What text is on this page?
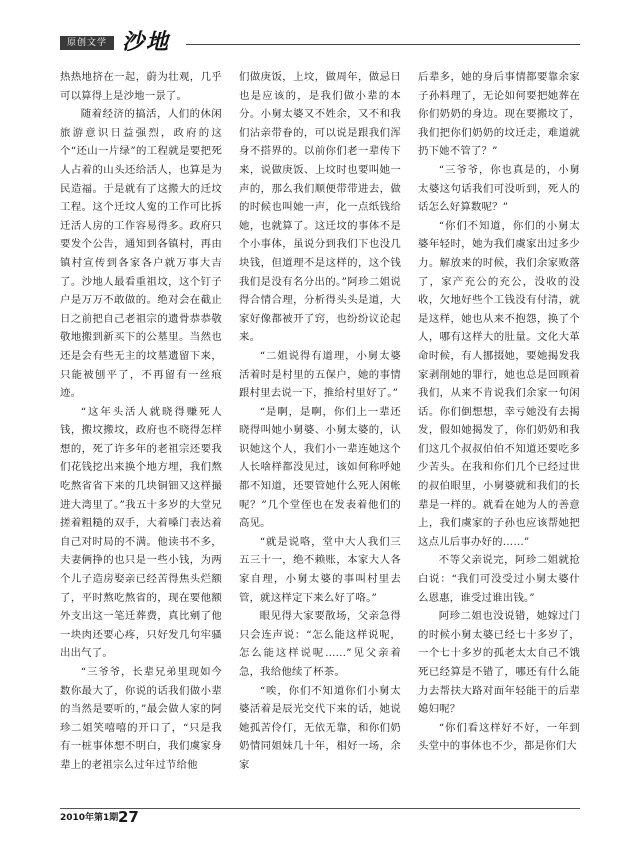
原创文学 沙地

热热地挤在一起，蔚为壮观，几乎可以算得上是沙地一景了。

随着经济的搞活，人们的休闲旅游意识日益强烈，政府的这个“还山一片绿”的工程就是要把死人占着的山头还给活人，也算是为民造福。于是就有了这搬大的迁坟工程。这个迁坟人寃的工作可比拆迁活人房的工作容易得多。政府只要发个公告，通知到各镇村，再由镇村宣传到各家各户就万事大吉了。沙地人最看重祖坟，这个钉子户是万万不敢做的。绝对会在截止日之前把自己老祖宗的遗骨恭恭敬敬地搬到新买下的公墓里。当然也还是会有些无主的坟墓遗留下来，只能被刨平了，不再留有一丝痕迹。

“这年头活人就晓得赚死人钱，搬坟搬坟，政府也不晓得怎样想的，死了许多年的老祖宗还要我们花钱挖出来换个地方埋，我们熬吃熬省省下来的几块铜钿又这样撮进大湾里了。”我五十多岁的大堂兄搓着粗糙的双手，大着嗓门表达着自己对时局的不满。他读书不多，夫妻俩挣的也只是一些小钱，为两个儿子造房娶亲已经苦得焦头烂额了，平时熬吃熬省的，现在要他额外支出这一笔迁葬费，真比剜了他一块肉还要心疼，只好发几句牢骚出出气了。

“三爷爷，长辈兄弟里现如今数你最大了，你说的话我们做小辈的当然是要听的，”最会做人家的阿珍二姐笑嘻嘻的开口了，“只是我有一桩事体想不明白，我们虞家身辈上的老祖宗么过年过节给他

们做庚饭，上坟，做周年，做忌日也是应该的，是我们做小辈的本分。小舅太婆又不姓余，又不和我们沾亲带眷的，可以说是跟我们浑身不搭界的。以前你们老一辈传下来，说做庚饭、上坟时也要叫她一声的，那么我们顺便带带进去，做的时候也叫她一声，化一点纸钱给她，也就算了。这迁坟的事体不是个小事体，虽说分到我们下也没几块钱，但道理不是这样的，这个钱我们是没有名分出的。”阿珍二姐说得合情合理，分析得头头是道，大家好像都被开了窍，也纷纷议论起来。

“二姐说得有道理，小舅太婆活着时是村里的五保户，她的事情跟村里去说一下，推给村里好了。”

“是啊，是啊，你们上一辈还晓得叫她小舅婆、小舅太婆的，认识她这个人，我们小一辈连她这个人长啥样都没见过，该如何称呼她都不知道，还要管她什么死人闲帐呢？”几个堂侄也在发表着他们的高见。

“就是说咯，堂中大人我们三五三十一，绝不赖账，本家大人各家自理，小舅太婆的事叫村里去管，就这样定下来么好了咯。”

眼见得大家要散场，父亲急得只会连声说：“怎么能这样说呢，怎么能这样说呢……”见父亲着急，我给他续了杯茶。

“唉，你们不知道你们小舅太婆活着是辰光交代下来的话，她说她孤苦伶仃，无依无靠，和你们奶奶情同姐妹几十年，相好一场，余家

后辈多，她的身后事情都要靠余家子孙料理了，无论如何要把她葬在你们奶奶的身边。现在要搬坟了，我们把你们奶奶的坟迁走，难道就扔下她不管了？”

“三爷爷，你也真是的，小舅太婆这句话我们可没听到，死人的话怎么好算数呢？”

“你们不知道，你们的小舅太婆年轻时，她为我们虞家出过多少力。解放来的时候，我们余家败落了，家产充公的充公，没收的没收，欠地好些个工钱没有付清，就是这样，她也从来不抱怨，换了个人，哪有这样大的肚量。文化大革命时候，有人挪掇她，要她揭发我家剥削她的罪行，她也总是回顾着我们，从来不肯说我们余家一句闲话。你们倒想想，幸亏她没有去揭发，假如她揭发了，你们奶奶和我们这几个叔叔伯伯不知道还要吃多少苦头。在我和你们几个已经过世的叔伯眼里，小舅婆就和我们的长辈是一样的。就看在她为人的善意上，我们虞家的子孙也应该帮她把这点儿后事办好的……”

不等父亲说完，阿珍二姐就抢白说：“我们可没受过小舅太婆什么恩惠，谁受过谁出钱。”

阿珍二姐也没说错，她嫁过门的时候小舅太婆已经七十多岁了，一个七十多岁的孤老太太自己不饿死已经算是不错了，哪还有什么能力去帮扶大路对面年轻能干的后辈媳妇呢？

“你们看这样好不好，一年到头堂中的事体也不少，都是你们大

2010年第1期 27
